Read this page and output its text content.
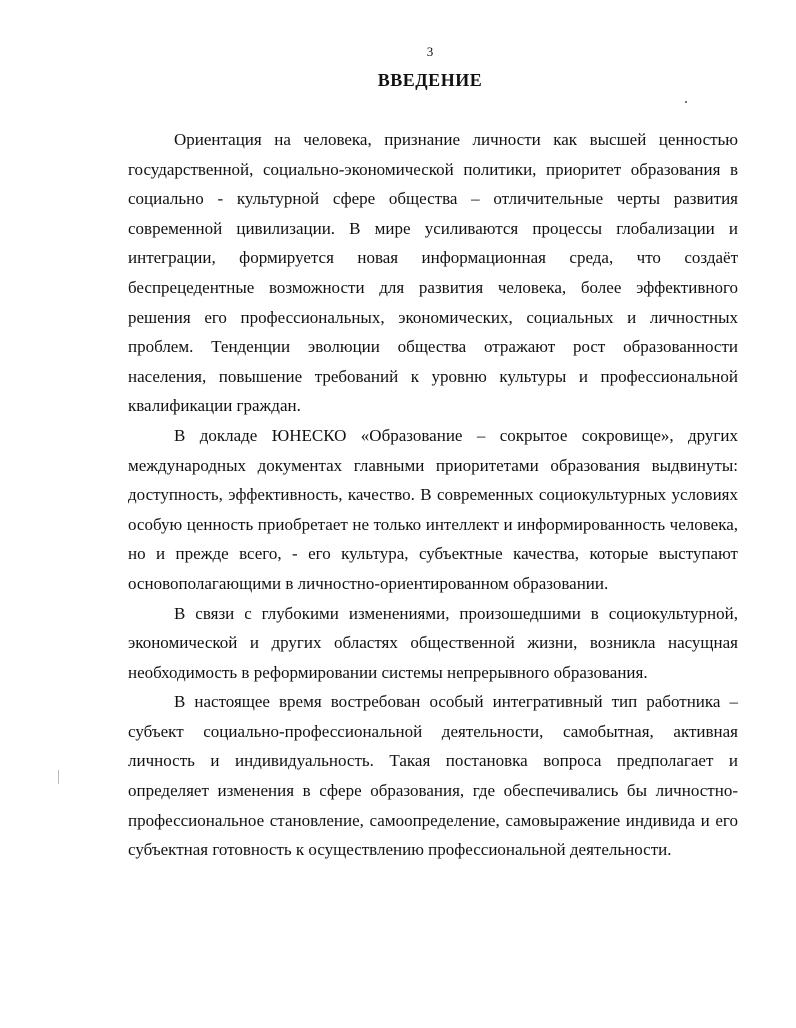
3
ВВЕДЕНИЕ

Ориентация на человека, признание личности как высшей ценностью государственной, социально-экономической политики, приоритет образования в социально - культурной сфере общества – отличительные черты развития современной цивилизации. В мире усиливаются процессы глобализации и интеграции, формируется новая информационная среда, что создаёт беспрецедентные возможности для развития человека, более эффективного решения его профессиональных, экономических, социальных и личностных проблем. Тенденции эволюции общества отражают рост образованности населения, повышение требований к уровню культуры и профессиональной квалификации граждан.

В докладе ЮНЕСКО «Образование – сокрытое сокровище», других международных документах главными приоритетами образования выдвинуты: доступность, эффективность, качество. В современных социокультурных условиях особую ценность приобретает не только интеллект и информированность человека, но и прежде всего, - его культура, субъектные качества, которые выступают основополагающими в личностно-ориентированном образовании.

В связи с глубокими изменениями, произошедшими в социокультурной, экономической и других областях общественной жизни, возникла насущная необходимость в реформировании системы непрерывного образования.

В настоящее время востребован особый интегративный тип работника – субъект социально-профессиональной деятельности, самобытная, активная личность и индивидуальность. Такая постановка вопроса предполагает и определяет изменения в сфере образования, где обеспечивались бы личностно-профессиональное становление, самоопределение, самовыражение индивида и его субъектная готовность к осуществлению профессиональной деятельности.
